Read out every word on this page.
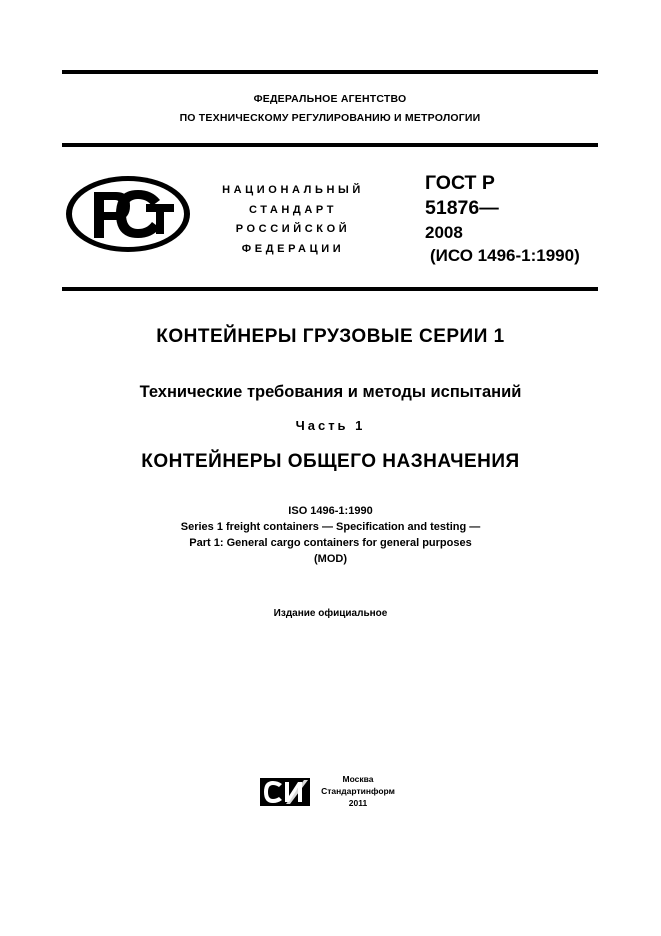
ФЕДЕРАЛЬНОЕ АГЕНТСТВО
ПО ТЕХНИЧЕСКОМУ РЕГУЛИРОВАНИЮ И МЕТРОЛОГИИ
НАЦИОНАЛЬНЫЙ
СТАНДАРТ
РОССИЙСКОЙ
ФЕДЕРАЦИИ
ГОСТ Р
51876—
2008
(ИСО 1496-1:1990)
КОНТЕЙНЕРЫ ГРУЗОВЫЕ СЕРИИ 1
Технические требования и методы испытаний
Часть 1
КОНТЕЙНЕРЫ ОБЩЕГО НАЗНАЧЕНИЯ
ISO 1496-1:1990
Series 1 freight containers — Specification and testing —
Part 1: General cargo containers for general purposes
(MOD)
Издание официальное
Москва
Стандартинформ
2011
